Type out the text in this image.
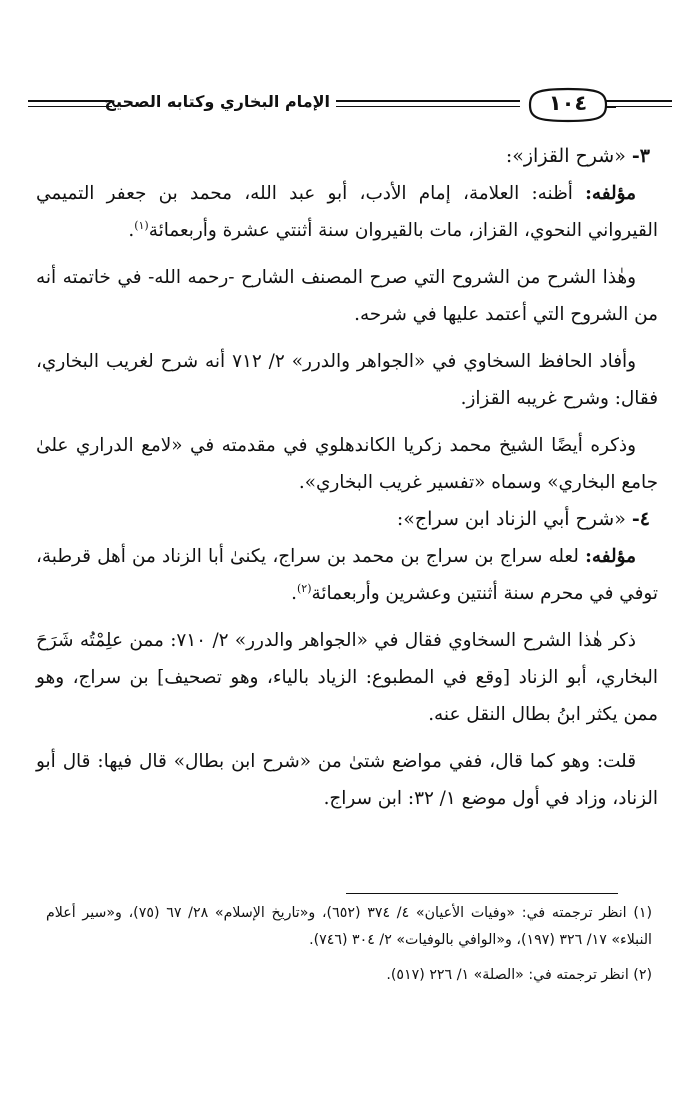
الإمام البخاري وكتابه الصحيح	١٠٤

٣- «شرح القزاز»:

مؤلفه: أظنه: العلامة، إمام الأدب، أبو عبد الله، محمد بن جعفر التميمي القيرواني النحوي، القزاز، مات بالقيروان سنة أثنتي عشرة وأربعمائة$^{(١)}$.

وهٰذا الشرح من الشروح التي صرح المصنف الشارح -رحمه الله- في خاتمته أنه من الشروح التي أعتمد عليها في شرحه.

وأفاد الحافظ السخاوي في «الجواهر والدرر» ٢/ ٧١٢ أنه شرح لغريب البخاري، فقال: وشرح غريبه القزاز.

وذكره أيضًا الشيخ محمد زكريا الكاندهلوي في مقدمته في «لامع الدراري علىٰ جامع البخاري» وسماه «تفسير غريب البخاري».

٤- «شرح أبي الزناد ابن سراج»:

مؤلفه: لعله سراج بن سراج بن محمد بن سراج، يكنىٰ أبا الزناد من أهل قرطبة، توفي في محرم سنة أثنتين وعشرين وأربعمائة$^{(٢)}$.

ذكر هٰذا الشرح السخاوي فقال في «الجواهر والدرر» ٢/ ٧١٠: ممن علِمْتُه شَرَحَ البخاري، أبو الزناد [وقع في المطبوع: الزياد بالياء، وهو تصحيف] بن سراج، وهو ممن يكثر ابنُ بطال النقل عنه.

قلت: وهو كما قال، ففي مواضع شتىٰ من «شرح ابن بطال» قال فيها: قال أبو الزناد، وزاد في أول موضع ١/ ٣٢: ابن سراج.

(١) انظر ترجمته في: «وفيات الأعيان» ٤/ ٣٧٤ (٦٥٢)، و«تاريخ الإسلام» ٢٨/ ٦٧ (٧٥)، و«سير أعلام النبلاء» ١٧/ ٣٢٦ (١٩٧)، و«الوافي بالوفيات» ٢/ ٣٠٤ (٧٤٦).

(٢) انظر ترجمته في: «الصلة» ١/ ٢٢٦ (٥١٧).
